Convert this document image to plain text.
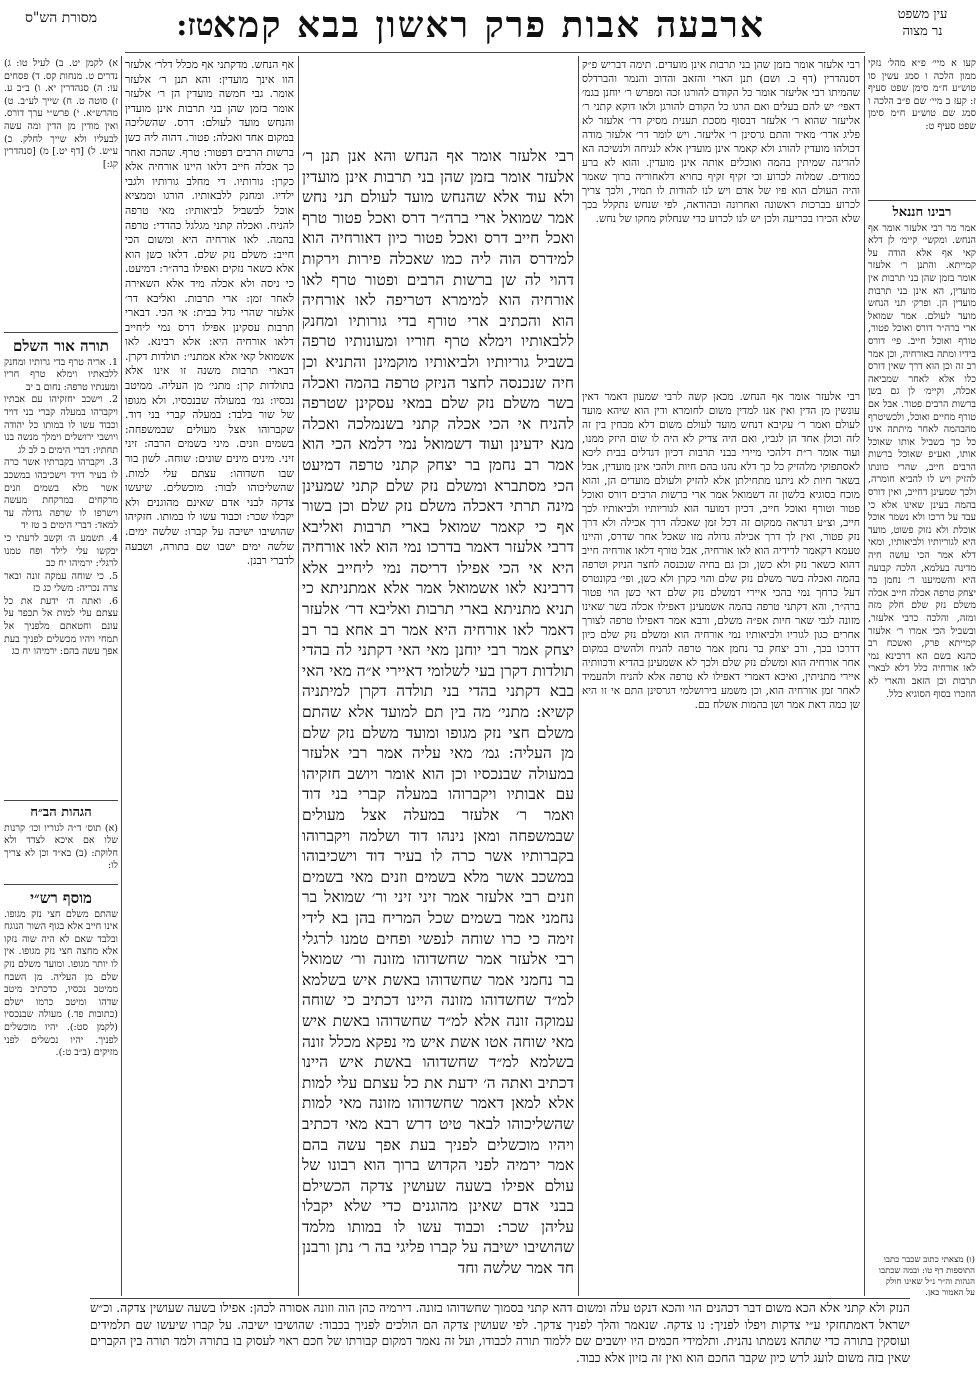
עין משפט
נר מצוה
ארבעה אבות פרק ראשון בבא קמא
טז:
מסורת הש"ס

קעו א מיי׳ פ״א מהל׳ נזקי ממון הלכה ו סמג עשין סו טוש״ע ח״מ סימן שפט סעיף ז: קעז ב מיי׳ שם פ״ב הלכה ו סמג שם טוש״ע ח״מ סימן שפט סעיף ט:

רבינו חננאל

אמר מר רבי אלעזר אומר אף הנחש. ומקשי׳ קיימ׳ לן דלא קאי אף אלא הודה על קמייתא. והתנן ר׳ אלעזר אומר בזמן שהן בני תרבות אין מועדין, הא אינן בני תרבות מועדין הן. ופרק׳ תני הנחש מועד לעולם. אמר שמואל ארי ברה״ר דורס ואוכל פטור, טורף ואוכל חייב. פי׳ דורס בידיו ומתה באורחיה, וכן אמר רב זה וכן הוא דרך שאין דורס כלו אלא לאחר שמביאה אכלה, וקיימ׳ לן גם בשן ברשות הרבים פטור. אבל אם טורף מחיים ואוכל, ולכשיטרף מהבהמה לאחר מיתתה אינו כל כך בשביל אותו שאוכל אותו, ואע״פ שאוכל ברשות הרבים חייב, שהרי כוונתו להזיק ויש לו להביא חומרה, ולכך שמעינן דחייב, ואין דורס בהמה בעינן שאינו אלא כי עבד על דרכו ולא נשמר אוכל אוכלת ולא נזוק פשוט, מועד היא לגוריותיו ולביאותיו, ומאי דלא אמר הכי עושה חיה מדינה בעלמא, הלכה קבועה היא והשמיענו ר׳ נחמן בר יצחק טרפה אכלה חייב אכלה משלם נזק שלם חלק מזה ומזה, והלכה כרבי אלעזר, ובשביל הכי אמרו ר׳ אלעזר קמייתא פרק, ואשכח רב כהנא בשם הא דרבינא נמי לאו אורחיה כלל דלא לבארי תרבות וכן הזאב והארי לא הוזכרו בסוף הסוגיא כלל.

(ו) מצאתי כתוב שכבר כתבו התוספות דף טו: ובמה שכתבו הגהות וה״ר נ״ל שאינו חולק על האמור כאן.

רבי אלעזר אומר בזמן שהן בני תרבות אינן מועדים. תימה דבריש פ״ק דסנהדרין (דף ב. ושם) תנן הארי והזאב והדוב והנמר והברדלס שהמיתו רבי אליעזר אומר כל הקודם להורגו זכה ומפרש ר׳ יוחנן בגמ׳ דאפי׳ יש להם בעלים ואם הרגו כל הקודם להורגן ולאו דוקא קתני ר׳ אליעזר שהוא ר׳ אלעזר דבסוף מסכת תענית מסיק דר׳ אלעזר לא פליג אדר׳ מאיר והתם גרסינן ר׳ אליעזר. ויש לומר דר׳ אלעזר מודה דכולהו מועדין להורג ולא קאמר אינן מועדין אלא לנגיחה ולנשיכה הא להריגה שמיתין בהמה ואוכלים אותה אינן מועדין. והוא לא ברע כמודים. שמלוה לכרוע וכי זקיף זקיף כחויא דלאחוריה ברוך שאמר והיה העולם הוא פיו של אדם ויש לנו להודות לו תמיד, ולכך צריך לכרוע בברכות ראשונה ואחרונה ובהודאה, לפי שנחש נתקלל בכך שלא הכירו בכריעה ולכן יש לנו לכרוע כדי שנחלוק מחקו של נחש.

רבי אלעזר אומר אף הנחש. מכאן קשה לרבי שמעון דאמר דאין עונשין מן הדין ואין אנו למדין משום לחומרא ודין הוא שיהא מועד לעולם ואמר ר׳ עקיבא דנחש מועד לעולם משום דלא מבחין בין זה לזה וכולן אחד הן לגביו, ואם היה צדיק לא היה לו שום היזק ממנו, ועוד אומר ר״ת דלהכי מיירי בבני תרבות דכיון דגדלים בבית ליכא לאסתפוקי מלהזיק כל כך דלא נהגו בהם חיות ולהכי אינן מועדין, אבל בשאר חיות לא ניתנו מתחילתן אלא להזיק ולעולם מועדים הן, והוא מוכח בסוגיא בלשון זה דשמואל אמר ארי ברשות הרבים דורס ואוכל פטור וטורף ואוכל חייב, דכיון דמועד הוא לגוריותיו ולביאותיו לכך חייב, וצ״ע דנראה ממקום זה דכל זמן שאכלה דרך אכילה ולא דרך נזק פטור, ואין לך דרך אכילה גדולה מזו שאכל אחר שדרס, והיינו טעמא דקאמר לדידיה הוא לאו אורחיה, אבל טורף דלאו אורחיה חייב דהוא כשאר נזק ולא כשן, וכן גם בחיה שנכנסה לחצר הניזק וטרפה בהמה ואכלה בשר משלם נזק שלם והוי כקרן ולא כשן, ופי׳ בקונטרס דעל כרחך נמי בהכי איירי דמשלם נזק שלם דאי כשן הוי פטור ברה״ר, והא דקתני טרפה בהמה אשמעינן דאפילו אכלה בשר שאינו מזונה לגבי שאר חיות אפ״ה משלם, ורבא אמר דאפילו טרפה לצורך אחרים כגון לגוריו ולביאותיו נמי אורחיה הוא ומשלם נזק שלם כיון דדרכו בכך, ורב יצחק בר נחמן אמר טרפה להניח ולהשים במקום אחר אורחיה הוא ומשלם נזק שלם ולכך לא אשמעינן בהדיא ודכוותיה איירי מתניתין, ואיכא דאמרי דאפילו לא טרפה אלא להניח ולהעמיד לאחר זמן אורחיה הוא, וכן משמע בירושלמי דגרסינן התם אי זו היא שן כמה דאת אמר ושן בהמות אשלח בם.

רבי אלעזר אומר אף הנחש והא אנן תנן ר׳ אלעזר אומר בזמן שהן בני תרבות אינן מועדין ולא עוד אלא שהנחש מועד לעולם תני נחש אמר שמואל ארי ברה״ר דרס ואכל פטור טרף ואכל חייב דרס ואכל פטור כיון דאורחיה הוא למידרס הוה ליה כמו שאכלה פירות וירקות דהוי לה שן ברשות הרבים ופטור טרף לאו אורחיה הוא למימרא דטריפה לאו אורחיה הוא והכתיב ארי טורף בדי גורותיו ומחנק ללבאותיו וימלא טרף חוריו ומעונותיו טרפה בשביל גוריותיו ולביאותיו מוקמינן והתניא וכן חיה שנכנסה לחצר הניזק טרפה בהמה ואכלה בשר משלם נזק שלם במאי עסקינן שטרפה להניח אי הכי אכלה קתני בשנמלכה ואכלה מנא ידעינן ועוד דשמואל נמי דלמא הכי הוא אמר רב נחמן בר יצחק קתני טרפה דמיעט הכי מסתברא ומשלם נזק שלם קתני שמעינן מינה תרתי דאכלה משלם נזק שלם וכן בשור אף כי קאמר שמואל בארי תרבות ואליבא דרבי אלעזר דאמר בדרכו נמי הוא לאו אורחיה היא אי הכי אפילו דריסה נמי ליחייב אלא דרבינא לאו אשמואל אמר אלא אמתניתא כי תניא מתניתא בארי תרבות ואליבא דר׳ אלעזר דאמר לאו אורחיה היא אמר רב אחא בר רב יצחק אמר רבי יוחנן מאי האי דקתני לה בהדי תולדות דקרן בעי לשלומי דאיירי א״ה מאי האי בבא דקתני בהדי בני תולדה דקרן למיתניה קשיא: מתני׳ מה בין תם למועד אלא שהתם משלם חצי נזק מגופו ומועד משלם נזק שלם מן העליה: גמ׳ מאי עליה אמר רבי אלעזר במעולה שבנכסיו וכן הוא אומר ויושב חזקיהו עם אבותיו ויקברוהו במעלה קברי בני דוד ואמר ר׳ אלעזר במעלה אצל מעולים שבמשפחה ומאן נינהו דוד ושלמה ויקברוהו בקברותיו אשר כרה לו בעיר דוד וישכיבוהו במשכב אשר מלא בשמים וזנים מאי בשמים וזנים רבי אלעזר אמר זיני זיני ור׳ שמואל בר נחמני אמר בשמים שכל המריח בהן בא לידי זימה כי כרו שוחה לנפשי ופחים טמנו לרגלי רבי אלעזר אמר שחשדוהו מזונה ור׳ שמואל בר נחמני אמר שחשדוהו באשת איש בשלמא למ״ד שחשדוהו מזונה היינו דכתיב כי שוחה עמוקה זונה אלא למ״ד שחשדוהו באשת איש מאי שוחה אטו אשת איש מי נפקא מכלל זונה בשלמא למ״ד שחשדוהו באשת איש היינו דכתיב ואתה ה׳ ידעת את כל עצתם עלי למות אלא למאן דאמר שחשדוהו מזונה מאי למות שהשליכוהו לבאר טיט דרש רבא מאי דכתיב ויהיו מוכשלים לפניך בעת אפך עשה בהם אמר ירמיה לפני הקדוש ברוך הוא רבונו של עולם אפילו בשעה שעושין צדקה הכשילם בבני אדם שאינן מהוגנים כדי שלא יקבלו עליהן שכר: וכבוד עשו לו במותו מלמד שהושיבו ישיבה על קברו פליגי בה ר׳ נתן ורבנן חד אמר שלשה וחד

אף הנחש. מדקתני אף מכלל דלר׳ אלעזר הוו אינך מועדין: והא תנן ר׳ אלעזר אומר. גבי חמשה מועדין הן ר׳ אלעזר אומר בזמן שהן בני תרבות אינן מועדין והנחש מועד לעולם: דרס. שהשליכה במקום אחד ואכלה: פטור. דהוה ליה כשן ברשות הרבים דפטור: טרף. שהכה ואחר כך אכלה חייב דלאו היינו אורחיה אלא כקרן: גורותיו. די מחלב גורותיו ולגבי ילדיו. ומחנק ללבאותיו. הורגו וממציא אוכל לבשביל לביאותיו: מאי טרפה להניח. ואכלה קתני מגלגל כהדדי: טרפה בהמה. לאו אורחיה היא ומשום הכי חייב: משלם נזק שלם. דלאו כשן הוא אלא כשאר נזקים ואפילו ברה״ר: דמיעט. כי ניסה ולא אכלה מיד אלא השאירה לאחר זמן: ארי תרבות. ואליבא דר׳ אלעזר שהרי גדל בבית: אי הכי. דבארי תרבות עסקינן אפילו דרס נמי ליחייב דלאו אורחיה היא: אלא רבינא. לאו אשמואל קאי אלא אמתני׳: תולדות דקרן. דבארי תרבות משנה זו אינו אלא בתולדות קרן: מתני׳ מן העליה. ממיטב נכסיו: גמ׳ במעולה שבנכסיו. ולא מגופו של שור בלבד: במעלה קברי בני דוד. שקברוהו אצל מעולים שבמשפחה: בשמים וזנים. מיני בשמים הרבה: זיני זיני. מינים מינים שונים: שוחה. לשון בור שבו חשדוהו: עצתם עלי למות. שהשליכוהו לבור: מוכשלים. שיעשו צדקה לבני אדם שאינם מהוגנים ולא יקבלו שכר: וכבוד עשו לו במותו. חזקיהו שהושיבו ישיבה על קברו: שלשה ימים. שלשה ימים ישבו שם בתורה, ושבעה לדברי רבנן.

א) לקמן יט. ב) לעיל טו: ג) נדרים ט. מנחות קס. ד) פסחים עו: ה) סנהדרין יא. ו) ב״ב ע. ז) סוטה ט. ח) שייך לע״ב. ט) מהרש״א. י) פרש״י ערך דורס. ואין מודין מן הדין ומה עשה לבעליו ולא שייך לחלק. כ) ע״ש. ל) [דף יט.] מ) [סנהדרין קג:]

תורה אור השלם

1. אריה טרף בדי גרותיו ומחנק ללבאתיו וימלא טרף חריו ומענתיו טרפה: נחום ב יב
2. וישכב יחזקיהו עם אבתיו ויקברהו במעלה קברי בני דויד וכבוד עשו לו במותו כל יהודה ויושבי ירושלים וימלך מנשה בנו תחתיו: דברי הימים ב לב לג
3. ויקברהו בקברתיו אשר כרה לו בעיר דויד וישכיבהו במשכב אשר מלא בשמים וזנים מרקחים במרקחת מעשה וישרפו לו שרפה גדולה עד למאד: דברי הימים ב טז יד
4. תשמע ה׳ וקשב לרעתי כי יבקשו עלי לילד ופח טמנו לרגלי: ירמיהו יח כב
5. כי שוחה עמקה זונה ובאר צרה נכריה: משלי כג כז
6. ואתה ה׳ ידעת את כל עצתם עלי למות אל תכפר על עונם וחטאתם מלפניך אל תמחי ויהיו מכשלים לפניך בעת אפך עשה בהם: ירמיהו יח כג

הגהות הב״ח

(א) תוס׳ ד״ה לגוריו וכו׳ קרנות שלו אם איכא לצדד ולא חלוקת: (ב) בא״ד וכן לא צריך לו:

מוסף רש״י

שהתם משלם חצי נזק מגופו. אינו חייב אלא בגוף השור הנוגח ובלבד שאם לא היה שוה נזקו אלא מחצה חצי נזק מגופו. אין לו יותר מגופו. ומועד משלם נזק שלם מן העליה. מן השבח ממיטב נכסיו, כדכתיב מיטב שדהו ומיטב כרמו ישלם (כתובות פד.) מעולה שבנכסיו (לקמן סט:). יהיו מוכשלים לפניך. יהיו נכשלים לפני מזיקים (ב״ב ט:).

הנזק ולא קתני אלא הכא משום דבר דכהנים הוי והכא דנקט עלה ומשום דהא קתני בסמוך שחשדוהו בזונה. דירמיה כהן הוה וזונה אסורה לכהן: אפילו בשעה שעושין צדקה. וכ״ש ישראל דאמתחזקי ע״י צדקות ויפלו לפניך: נו צדקה. שנאמר והלך לפניך צדקך. לפי שעושין צדקה הם הולכים לפניך בכבוד: שהושיבו ישיבה. על קברו שיעשו שם תלמידים ועוסקין בתורה כדי שתהא נשמתו נהנית. ותלמידי חכמים היו יושבים שם ללמוד תורה לכבודו, ועל זה נאמר דמקום קבורתו של חכם ראוי לעסוק בו בתורה ולמד תורה בין הקברים שאין בזה משום לועג לרש כיון שקבר החכם הוא ואין זה בזיון אלא כבוד.
